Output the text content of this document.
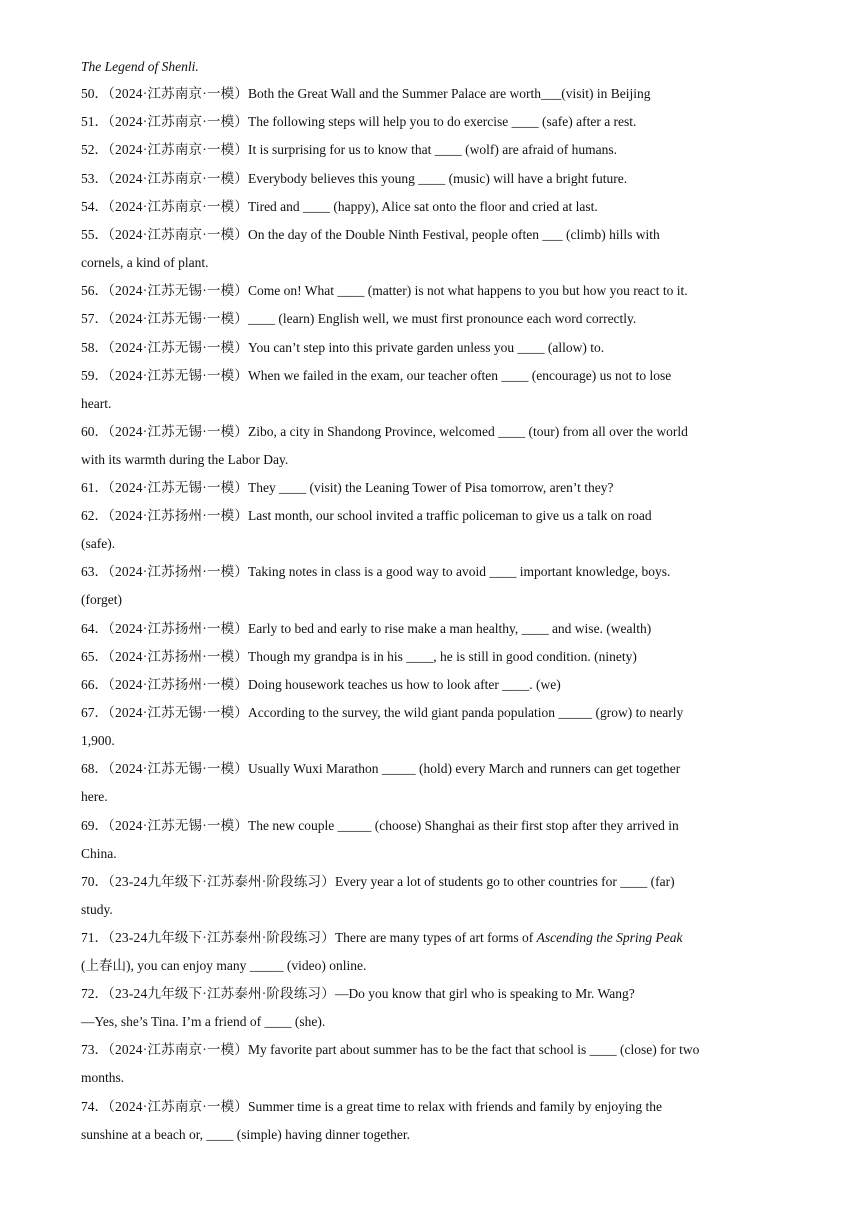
The Legend of Shenli.
50．（2024·江苏南京·一模）Both the Great Wall and the Summer Palace are worth___(visit) in Beijing
51．（2024·江苏南京·一模）The following steps will help you to do exercise ____ (safe) after a rest.
52．（2024·江苏南京·一模）It is surprising for us to know that ____ (wolf) are afraid of humans.
53．（2024·江苏南京·一模）Everybody believes this young ____ (music) will have a bright future.
54．（2024·江苏南京·一模）Tired and ____ (happy), Alice sat onto the floor and cried at last.
55．（2024·江苏南京·一模）On the day of the Double Ninth Festival, people often ___ (climb) hills with
cornels, a kind of plant.
56．（2024·江苏无锡·一模）Come on! What ____ (matter) is not what happens to you but how you react to it.
57．（2024·江苏无锡·一模）____ (learn) English well, we must first pronounce each word correctly.
58．（2024·江苏无锡·一模）You can’t step into this private garden unless you ____ (allow) to.
59．（2024·江苏无锡·一模）When we failed in the exam, our teacher often ____ (encourage) us not to lose
heart.
60．（2024·江苏无锡·一模）Zibo, a city in Shandong Province, welcomed ____ (tour) from all over the world
with its warmth during the Labor Day.
61．（2024·江苏无锡·一模）They ____ (visit) the Leaning Tower of Pisa tomorrow, aren’t they?
62．（2024·江苏扬州·一模）Last month, our school invited a traffic policeman to give us a talk on road
(safe).
63．（2024·江苏扬州·一模）Taking notes in class is a good way to avoid ____ important knowledge, boys.
(forget)
64．（2024·江苏扬州·一模）Early to bed and early to rise make a man healthy, ____ and wise. (wealth)
65．（2024·江苏扬州·一模）Though my grandpa is in his ____, he is still in good condition. (ninety)
66．（2024·江苏扬州·一模）Doing housework teaches us how to look after ____. (we)
67．（2024·江苏无锡·一模）According to the survey, the wild giant panda population _____ (grow) to nearly
1,900.
68．（2024·江苏无锡·一模）Usually Wuxi Marathon _____ (hold) every March and runners can get together
here.
69．（2024·江苏无锡·一模）The new couple _____ (choose) Shanghai as their first stop after they arrived in
China.
70．（23-24九年级下·江苏泰州·阶段练习）Every year a lot of students go to other countries for ____ (far)
study.
71．（23-24九年级下·江苏泰州·阶段练习）There are many types of art forms of Ascending the Spring Peak
(上春山), you can enjoy many _____ (video) online.
72．（23-24九年级下·江苏泰州·阶段练习）—Do you know that girl who is speaking to Mr. Wang?
—Yes, she’s Tina. I’m a friend of ____ (she).
73．（2024·江苏南京·一模）My favorite part about summer has to be the fact that school is ____ (close) for two
months.
74．（2024·江苏南京·一模）Summer time is a great time to relax with friends and family by enjoying the
sunshine at a beach or, ____ (simple) having dinner together.
